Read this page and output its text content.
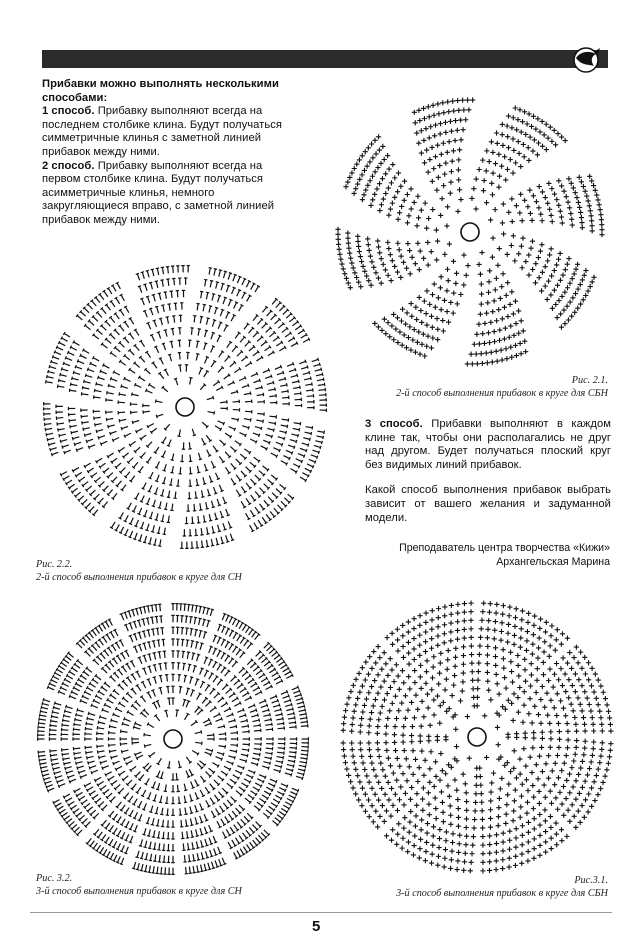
Прибавки можно выполнять несколькими способами:

1 способ. Прибавку выполняют всегда на последнем столбике клина. Будут получаться симметричные клинья с заметной линией прибавок между ними.

2 способ. Прибавку выполняют всегда на первом столбике клина. Будут получаться асимметричные клинья, немного закругляющиеся вправо, с заметной линией прибавок между ними.

3 способ. Прибавки выполняют в каждом клине так, чтобы они располагались не друг над другом. Будет получаться плоский круг без видимых линий прибавок.

Какой способ выполнения прибавок выбрать зависит от вашего желания и задуманной модели.

Преподаватель центра творчества «Кижи»
Архангельская Марина
Рис. 2.1.
2-й способ выполнения прибавок в круге для СБН
Рис. 2.2.
2-й способ выполнения прибавок в круге для СН
Рис. 3.2.
3-й способ выполнения прибавок в круге для СН
Рис.3.1.
3-й способ выполнения прибавок в круге для СБН
5
